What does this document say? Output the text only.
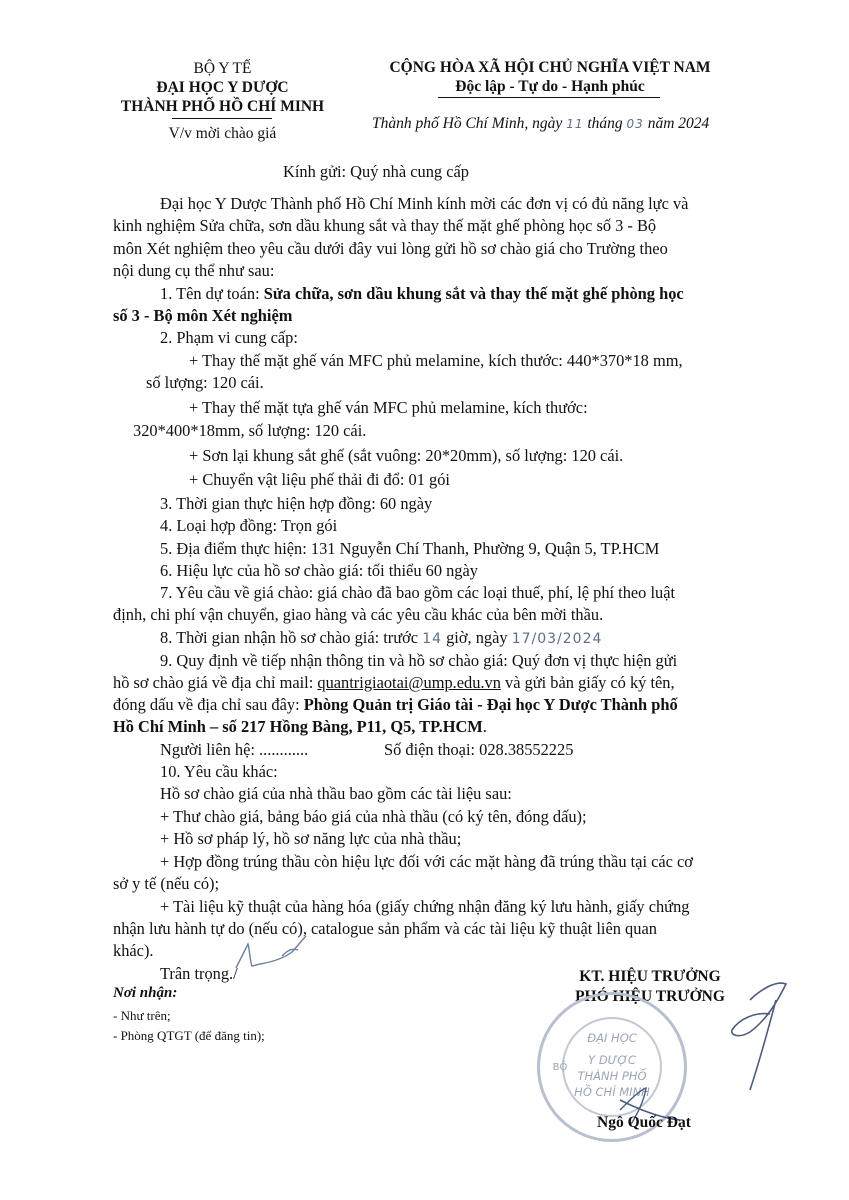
BỘ Y TẾ
ĐẠI HỌC Y DƯỢC
THÀNH PHỐ HỒ CHÍ MINH
V/v mời chào giá
CỘNG HÒA XÃ HỘI CHỦ NGHĨA VIỆT NAM
Độc lập - Tự do - Hạnh phúc
Thành phố Hồ Chí Minh, ngày 11 tháng 03 năm 2024
Kính gửi: Quý nhà cung cấp
Đại học Y Dược Thành phố Hồ Chí Minh kính mời các đơn vị có đủ năng lực và
kinh nghiệm Sửa chữa, sơn dầu khung sắt và thay thế mặt ghế phòng học số 3 - Bộ
môn Xét nghiệm theo yêu cầu dưới đây vui lòng gửi hồ sơ chào giá cho Trường theo
nội dung cụ thể như sau:
1. Tên dự toán: Sửa chữa, sơn dầu khung sắt và thay thế mặt ghế phòng học
số 3 - Bộ môn Xét nghiệm
2. Phạm vi cung cấp:
+ Thay thế mặt ghế ván MFC phủ melamine, kích thước: 440*370*18 mm,
số lượng: 120 cái.
+ Thay thế mặt tựa ghế ván MFC phủ melamine, kích thước:
320*400*18mm, số lượng: 120 cái.
+ Sơn lại khung sắt ghế (sắt vuông: 20*20mm), số lượng: 120 cái.
+ Chuyển vật liệu phế thải đi đổ: 01 gói
3. Thời gian thực hiện hợp đồng: 60 ngày
4. Loại hợp đồng: Trọn gói
5. Địa điểm thực hiện: 131 Nguyễn Chí Thanh, Phường 9, Quận 5, TP.HCM
6. Hiệu lực của hồ sơ chào giá: tối thiểu 60 ngày
7. Yêu cầu về giá chào: giá chào đã bao gồm các loại thuế, phí, lệ phí theo luật
định, chi phí vận chuyển, giao hàng và các yêu cầu khác của bên mời thầu.
8. Thời gian nhận hồ sơ chào giá: trước 14 giờ, ngày 17/03/2024
9. Quy định về tiếp nhận thông tin và hồ sơ chào giá: Quý đơn vị thực hiện gửi
hồ sơ chào giá về địa chỉ mail: quantrigiaotai@ump.edu.vn và gửi bản giấy có ký tên,
đóng dấu về địa chỉ sau đây: Phòng Quản trị Giáo tài - Đại học Y Dược Thành phố
Hồ Chí Minh – số 217 Hồng Bàng, P11, Q5, TP.HCM.
Người liên hệ: ............	Số điện thoại: 028.38552225
10. Yêu cầu khác:
Hồ sơ chào giá của nhà thầu bao gồm các tài liệu sau:
+ Thư chào giá, bảng báo giá của nhà thầu (có ký tên, đóng dấu);
+ Hồ sơ pháp lý, hồ sơ năng lực của nhà thầu;
+ Hợp đồng trúng thầu còn hiệu lực đối với các mặt hàng đã trúng thầu tại các cơ
sở y tế (nếu có);
+ Tài liệu kỹ thuật của hàng hóa (giấy chứng nhận đăng ký lưu hành, giấy chứng
nhận lưu hành tự do (nếu có), catalogue sản phẩm và các tài liệu kỹ thuật liên quan
khác).
Trân trọng./
Nơi nhận:
- Như trên;
- Phòng QTGT (để đăng tin);
KT. HIỆU TRƯỞNG
PHÓ HIỆU TRƯỞNG
ĐẠI HỌC
Y DƯỢC
THÀNH PHỐ
HỒ CHÍ MINH
BỘ
Ngô Quốc Đạt
